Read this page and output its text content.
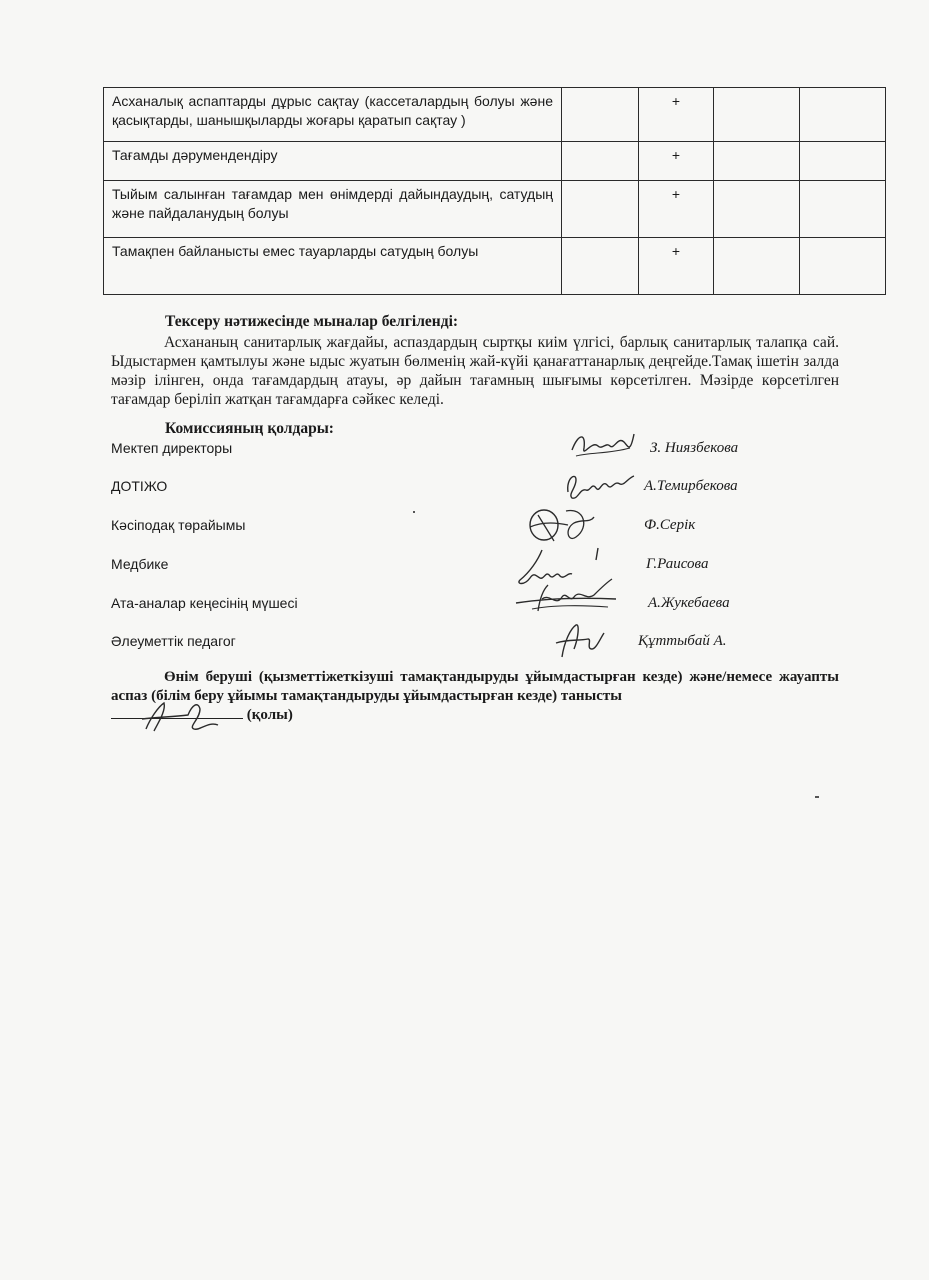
Асханалық аспаптарды дұрыс сақтау (кассеталардың болуы және қасықтарды, шанышқыларды жоғары қаратып сақтау )		+		
Тағамды дәрумендендіру		+		
Тыйым салынған тағамдар мен өнімдерді дайындаудың, сатудың және пайдаланудың болуы		+		
Тамақпен байланысты емес тауарларды сатудың болуы		+		

Тексеру нәтижесінде мыналар белгіленді:

Асхананың санитарлық жағдайы, аспаздардың сыртқы киім үлгісі, барлық санитарлық талапқа сай. Ыдыстармен қамтылуы және ыдыс жуатын бөлменің жай-күйі қанағаттанарлық деңгейде.Тамақ ішетін залда мәзір ілінген, онда тағамдардың атауы, әр дайын тағамның шығымы көрсетілген. Мәзірде көрсетілген тағамдар беріліп жатқан тағамдарға сәйкес келеді.

Комиссияның қолдары:

Мектеп директоры	З. Ниязбекова
ДОТІЖО	А.Темирбекова
Кәсіподақ төрайымы	Ф.Серік
Медбике	Г.Раисова
Ата-аналар кеңесінің мүшесі	А.Жукебаева
Әлеуметтік педагог	Құттыбай А.

Өнім беруші (қызметтіжеткізуші тамақтандыруды ұйымдастырған кезде) және/немесе жауапты аспаз (білім беру ұйымы тамақтандыруды ұйымдастырған кезде) танысты
(қолы)
